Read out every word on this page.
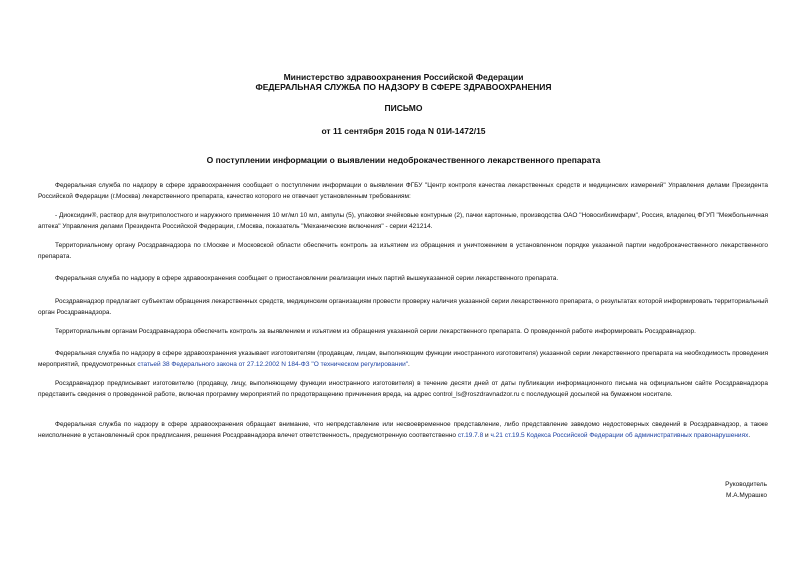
Министерство здравоохранения Российской Федерации
ФЕДЕРАЛЬНАЯ СЛУЖБА ПО НАДЗОРУ В СФЕРЕ ЗДРАВООХРАНЕНИЯ
ПИСЬМО
от 11 сентября 2015 года N 01И-1472/15
О поступлении информации о выявлении недоброкачественного лекарственного препарата
Федеральная служба по надзору в сфере здравоохранения сообщает о поступлении информации о выявлении ФГБУ "Центр контроля качества лекарственных средств и медицинских измерений" Управления делами Президента Российской Федерации (г.Москва) лекарственного препарата, качество которого не отвечает установленным требованиям:
- Диоксидин®, раствор для внутриполостного и наружного применения 10 мг/мл 10 мл, ампулы (5), упаковки ячейковые контурные (2), пачки картонные, производства ОАО "Новосибхимфарм", Россия, владелец ФГУП "Межбольничная аптека" Управления делами Президента Российской Федерации, г.Москва, показатель "Механические включения" - серии 421214.
Территориальному органу Росздравнадзора по г.Москве и Московской области обеспечить контроль за изъятием из обращения и уничтожением в установленном порядке указанной партии недоброкачественного лекарственного препарата.
Федеральная служба по надзору в сфере здравоохранения сообщает о приостановлении реализации иных партий вышеуказанной серии лекарственного препарата.
Росздравнадзор предлагает субъектам обращения лекарственных средств, медицинским организациям провести проверку наличия указанной серии лекарственного препарата, о результатах которой информировать территориальный орган Росздравнадзора.
Территориальным органам Росздравнадзора обеспечить контроль за выявлением и изъятием из обращения указанной серии лекарственного препарата. О проведенной работе информировать Росздравнадзор.
Федеральная служба по надзору в сфере здравоохранения указывает изготовителям (продавцам, лицам, выполняющим функции иностранного изготовителя) указанной серии лекарственного препарата на необходимость проведения мероприятий, предусмотренных статьей 38 Федерального закона от 27.12.2002 N 184-ФЗ "О техническом регулировании".
Росздравнадзор предписывает изготовителю (продавцу, лицу, выполняющему функции иностранного изготовителя) в течение десяти дней от даты публикации информационного письма на официальном сайте Росздравнадзора представить сведения о проведенной работе, включая программу мероприятий по предотвращению причинения вреда, на адрес control_ls@roszdravnadzor.ru с последующей досылкой на бумажном носителе.
Федеральная служба по надзору в сфере здравоохранения обращает внимание, что непредставление или несвоевременное представление, либо представление заведомо недостоверных сведений в Росздравнадзор, а также неисполнение в установленный срок предписания, решения Росздравнадзора влечет ответственность, предусмотренную соответственно ст.19.7.8 и ч.21 ст.19.5 Кодекса Российской Федерации об административных правонарушениях.
Руководитель
М.А.Мурашко
